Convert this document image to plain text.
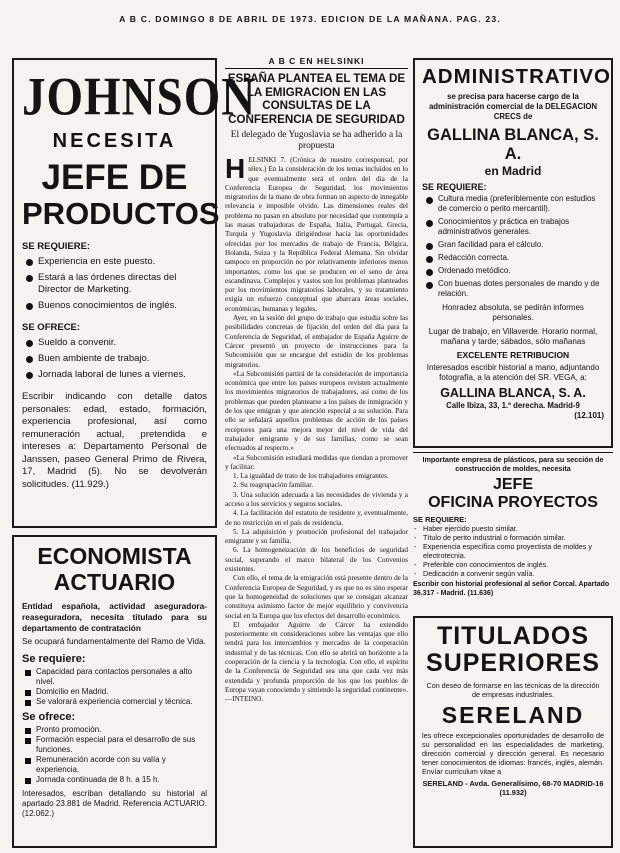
A B C. DOMINGO 8 DE ABRIL DE 1973. EDICION DE LA MAÑANA. PAG. 23.
JOHNSON
NECESITA
JEFE DE
PRODUCTOS
SE REQUIERE:
Experiencia en este puesto.
Estará a las órdenes directas del Director de Marketing.
Buenos conocimientos de inglés.
SE OFRECE:
Sueldo a convenir.
Buen ambiente de trabajo.
Jornada laboral de lunes a viernes.
Escribir indicando con detalle datos personales: edad, estado, formación, experiencia profesional, así como remuneración actual, pretendida e intereses a: Departamento Personal de Janssen, paseo General Primo de Rivera, 17, Madrid (5). No se devolverán solicitudes. (11.929.)
ECONOMISTA
ACTUARIO
Entidad española, actividad aseguradora-reaseguradora, necesita titulado para su departamento de contratación
Se ocupará fundamentalmente del Ramo de Vida.
Se requiere:
Capacidad para contactos personales a alto nivel.
Domicilio en Madrid.
Se valorará experiencia comercial y técnica.
Se ofrece:
Pronto promoción.
Formación especial para el desarrollo de sus funciones.
Remuneración acorde con su valía y experiencia.
Jornada continuada de 8 h. a 15 h.
Interesados, escriban detallando su historial al apartado 23.881 de Madrid. Referencia ACTUARIO. (12.062.)
A B C EN HELSINKI
ESPAÑA PLANTEA EL TEMA DE LA EMIGRACION EN LAS CONSULTAS DE LA CONFERENCIA DE SEGURIDAD
El delegado de Yugoslavia se ha adherido a la propuesta
H ELSINKI 7. (Crónica de nuestro corresponsal, por télex.) En la consideración de los temas incluidos en lo que eventualmente será el orden del día de la Conferencia Europea de Seguridad, los movimientos migratorios de la mano de obra forman un aspecto de innegable relevancia e imposible olvido. Las dimensiones reales del problema no pasan en absoluto por necesidad que contempla a las masas trabajadoras de España, Italia, Portugal, Grecia, Turquía y Yugoslavia dirigiéndose hacia las oportunidades ofrecidas por los mercados de trabajo de Francia, Bélgica, Holanda, Suiza y la República Federal Alemana. Sin olvidar tampoco en proporción no por relativamente inferiores menos importantes, como los que se producen en el seno de área escandinava. Complejos y vastos son los problemas planteados por los movimientos migratorios laborales, y su tratamiento exigía un esfuerzo conceptual que abarcara áreas sociales, económicas, humanas y legales.

Ayer, en la sesión del grupo de trabajo que estudia sobre las posibilidades concretas de fijación del orden del día para la Conferencia de Seguridad, el embajador de España Aguirre de Cárcer presentó un proyecto de instrucciones para la Subcomisión que se encargue del estudio de los problemas migratorios.

«La Subcomisión partirá de la consideración de importancia económica que entre los países europeos revisten actualmente los movimientos migratorios de trabajadores, así como de los problemas que pueden plantearse a los países de inmigración y de los que emigran y que atención especial a su solución. Para ello se señalará aquellos problemas de acción de los países receptores para una mejora mejor del nivel de vida del trabajador emigrante y de sus familias, como se sean efectuados al respecto.»

«La Subcomisión estudiará medidas que tiendan a promover y facilitar:

1. La igualdad de trato de los trabajadores emigrantes.

2. Su reagrupación familiar.

3. Una solución adecuada a las necesidades de vivienda y a acceso a los servicios y seguros sociales.

4. La facilitación del estatuto de residente y, eventualmente, de no restricción en el país de residencia.

5. La adquisición y promoción profesional del trabajador emigrante y su familia.

6. La homogeneización de los beneficios de seguridad social, superando el marco bilateral de los Convenios existentes.

Con ello, el tema de la emigración está presente dentro de la Conferencia Europea de Seguridad, y es que no es sino esperar que la homogeneidad de soluciones que se consigan alcanzar constituya asimismo factor de mejor equilibrio y convivencia social en la Europa que los efectos del desarrollo económico.

El embajador Aguirre de Cárcer ha extendido posteriormente en consideraciones sobre las ventajas que ello tendrá para los intercambios y mercados de la cooperación industrial y de las técnicas. Con ello se abrirá un horizonte a la cooperación de la ciencia y la tecnología. Con ello, el espíritu de la Conferencia de Seguridad sea una que cada vez más extendida y profunda proporción de los que los pueblos de Europa vayan conociendo y sintiendo la seguridad continente». —INTEINO.

ADMINISTRATIVO
se precisa para hacerse cargo de la administración comercial de la DELEGACION CRECS de
GALLINA BLANCA, S. A.
en Madrid
SE REQUIERE:
Cultura media (preferiblemente con estudios de comercio o perito mercantil).
Conocimientos y práctica en trabajos administrativos generales.
Gran facilidad para el cálculo.
Redacción correcta.
Ordenado metódico.
Con buenas dotes personales de mando y de relación.
Honradez absoluta, se pedirán informes personales.
Lugar de trabajo, en Villaverde. Horario normal, mañana y tarde; sábados, sólo mañanas
EXCELENTE RETRIBUCION
Interesados escribir historial a mano, adjuntando fotografía, a la atención del SR. VEGA, a:
GALLINA BLANCA, S. A.
Calle Ibiza, 33, 1.º derecha. Madrid-9
(12.101)
Importante empresa de plásticos, para su sección de construcción de moldes, necesita
JEFE
OFICINA PROYECTOS
SE REQUIERE:
- Haber ejercido puesto similar.
- Título de perito industrial o formación similar.
- Experiencia específica como proyectista de moldes y electrotecnia.
- Preferible con conocimientos de inglés.
- Dedicación a convenir según valía.
Escribir con historial profesional al señor Corcal. Apartado 36.317 - Madrid. (11.636)
TITULADOS
SUPERIORES
Con deseo de formarse en las técnicas de la dirección de empresas industriales.
SERELAND
les ofrece excepcionales oportunidades de desarrollo de su personalidad en las especialidades de marketing, dirección comercial y dirección general. Es necesario tener conocimientos de idiomas: francés, inglés, alemán. Envíar curriculum vitae a
SERELAND - Avda. Generalísimo, 68-70 MADRID-16 (11.932)
